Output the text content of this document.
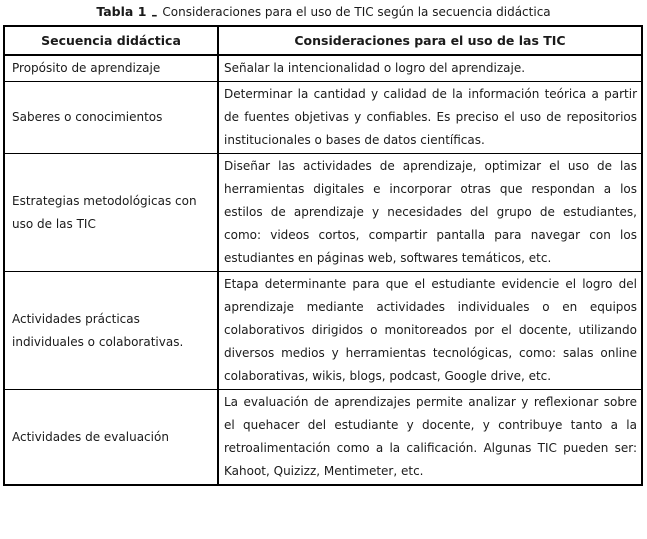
Tabla 1 – Consideraciones para el uso de TIC según la secuencia didáctica
Secuencia didáctica	Consideraciones para el uso de las TIC
Propósito de aprendizaje	Señalar la intencionalidad o logro del aprendizaje.
Saberes o conocimientos	Determinar la cantidad y calidad de la información teórica a partir de fuentes objetivas y confiables. Es preciso el uso de repositorios institucionales o bases de datos científicas.
Estrategias metodológicas con uso de las TIC	Diseñar las actividades de aprendizaje, optimizar el uso de las herramientas digitales e incorporar otras que respondan a los estilos de aprendizaje y necesidades del grupo de estudiantes, como: videos cortos, compartir pantalla para navegar con los estudiantes en páginas web, softwares temáticos, etc.
Actividades prácticas individuales o colaborativas.	Etapa determinante para que el estudiante evidencie el logro del aprendizaje mediante actividades individuales o en equipos colaborativos dirigidos o monitoreados por el docente, utilizando diversos medios y herramientas tecnológicas, como: salas online colaborativas, wikis, blogs, podcast, Google drive, etc.
Actividades de evaluación	La evaluación de aprendizajes permite analizar y reflexionar sobre el quehacer del estudiante y docente, y contribuye tanto a la retroalimentación como a la calificación. Algunas TIC pueden ser: Kahoot, Quizizz, Mentimeter, etc.
